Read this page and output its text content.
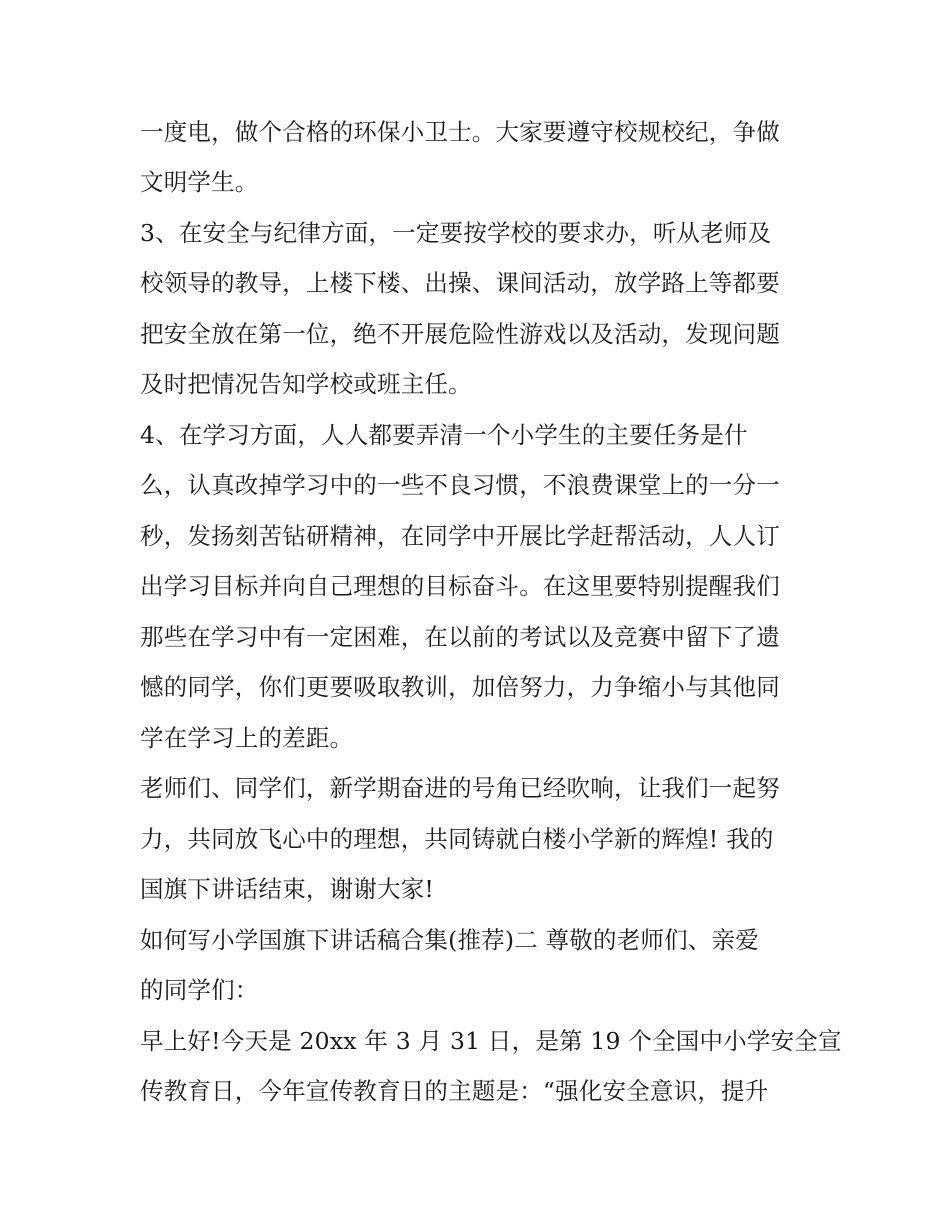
一度电，做个合格的环保小卫士。大家要遵守校规校纪，争做
文明学生。
3、在安全与纪律方面，一定要按学校的要求办，听从老师及
校领导的教导，上楼下楼、出操、课间活动，放学路上等都要
把安全放在第一位，绝不开展危险性游戏以及活动，发现问题
及时把情况告知学校或班主任。
4、在学习方面，人人都要弄清一个小学生的主要任务是什
么，认真改掉学习中的一些不良习惯，不浪费课堂上的一分一
秒，发扬刻苦钻研精神，在同学中开展比学赶帮活动，人人订
出学习目标并向自己理想的目标奋斗。在这里要特别提醒我们
那些在学习中有一定困难，在以前的考试以及竞赛中留下了遗
憾的同学，你们更要吸取教训，加倍努力，力争缩小与其他同
学在学习上的差距。
老师们、同学们，新学期奋进的号角已经吹响，让我们一起努
力，共同放飞心中的理想，共同铸就白楼小学新的辉煌! 我的
国旗下讲话结束，谢谢大家!
如何写小学国旗下讲话稿合集(推荐)二 尊敬的老师们、亲爱
的同学们：
早上好!今天是 20xx 年 3 月 31 日，是第 19 个全国中小学安全宣
传教育日，今年宣传教育日的主题是：“强化安全意识，提升
